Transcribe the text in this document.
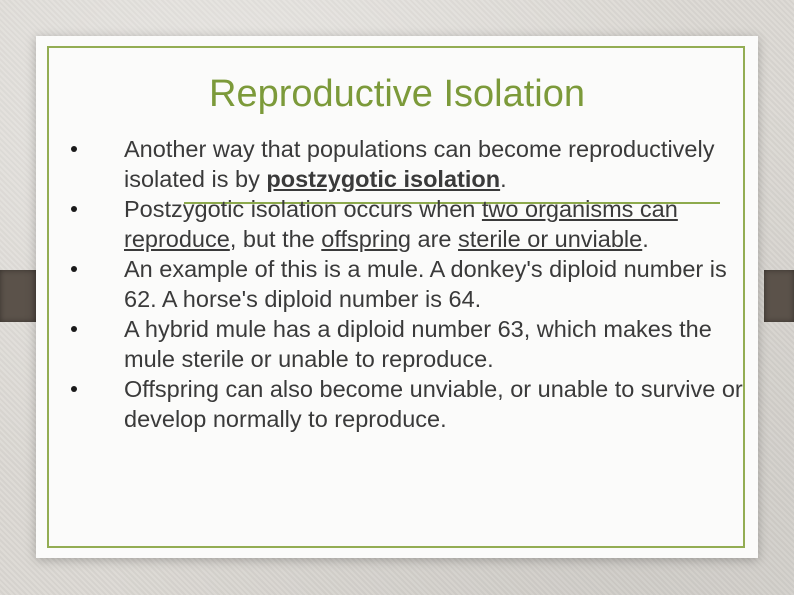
Reproductive Isolation
Another way that populations can become reproductively isolated is by postzygotic isolation.
Postzygotic isolation occurs when two organisms can reproduce, but the offspring are sterile or unviable.
An example of this is a mule. A donkey's diploid number is 62. A horse's diploid number is 64.
A hybrid mule has a diploid number 63, which makes the mule sterile or unable to reproduce.
Offspring can also become unviable, or unable to survive or develop normally to reproduce.
